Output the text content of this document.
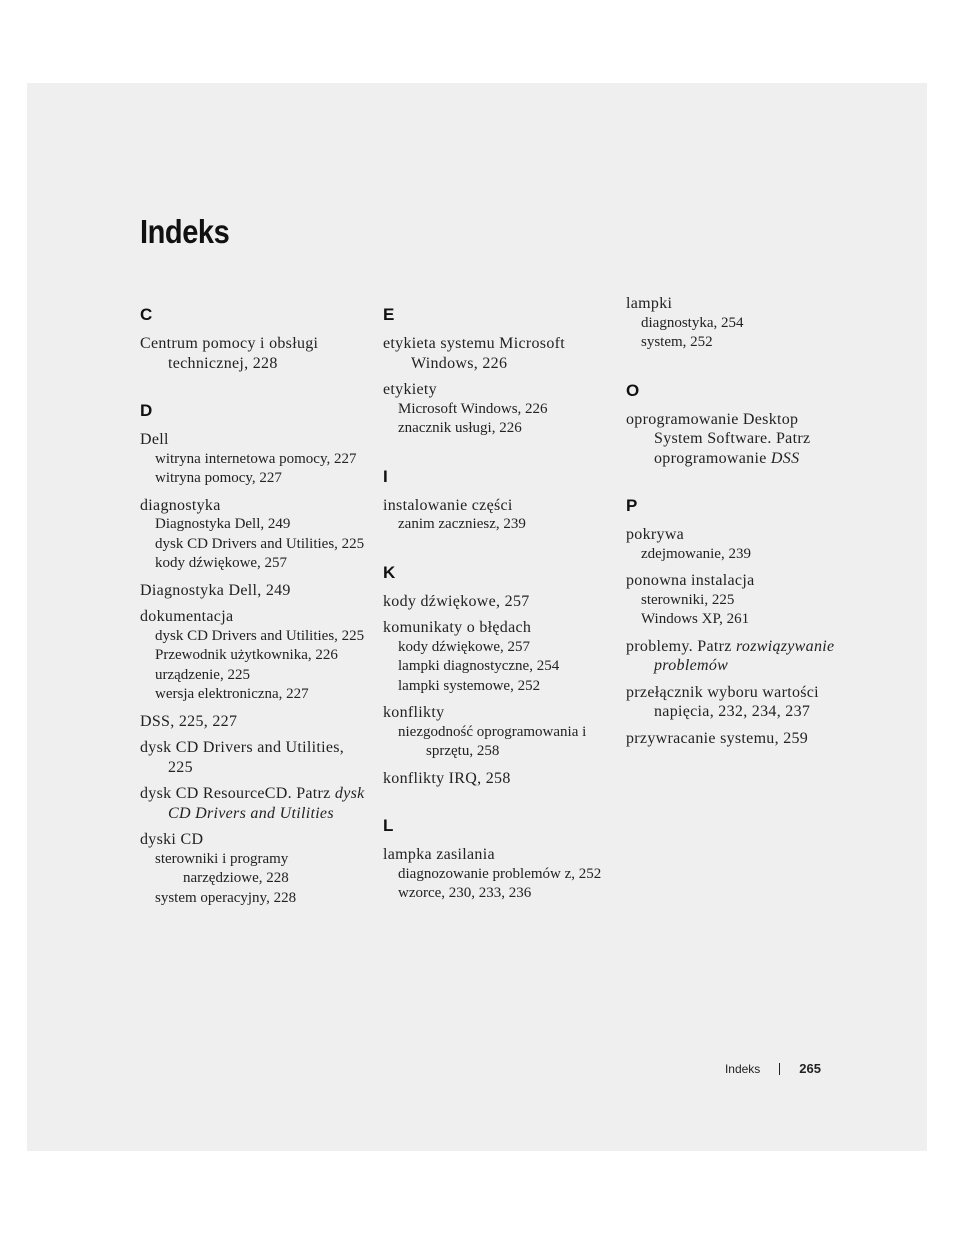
Indeks
C
Centrum pomocy i obsługi technicznej, 228
D
Dell
witryna internetowa pomocy, 227
witryna pomocy, 227
diagnostyka
Diagnostyka Dell, 249
dysk CD Drivers and Utilities, 225
kody dźwiękowe, 257
Diagnostyka Dell, 249
dokumentacja
dysk CD Drivers and Utilities, 225
Przewodnik użytkownika, 226
urządzenie, 225
wersja elektroniczna, 227
DSS, 225, 227
dysk CD Drivers and Utilities, 225
dysk CD ResourceCD. Patrz dysk CD Drivers and Utilities
dyski CD
sterowniki i programy narzędziowe, 228
system operacyjny, 228
E
etykieta systemu Microsoft Windows, 226
etykiety
Microsoft Windows, 226
znacznik usługi, 226
I
instalowanie części
zanim zaczniesz, 239
K
kody dźwiękowe, 257
komunikaty o błędach
kody dźwiękowe, 257
lampki diagnostyczne, 254
lampki systemowe, 252
konflikty
niezgodność oprogramowania i sprzętu, 258
konflikty IRQ, 258
L
lampka zasilania
diagnozowanie problemów z, 252
wzorce, 230, 233, 236
lampki
diagnostyka, 254
system, 252
O
oprogramowanie Desktop System Software. Patrz oprogramowanie DSS
P
pokrywa
zdejmowanie, 239
ponowna instalacja
sterowniki, 225
Windows XP, 261
problemy. Patrz rozwiązywanie problemów
przełącznik wyboru wartości napięcia, 232, 234, 237
przywracanie systemu, 259
Indeks	265
